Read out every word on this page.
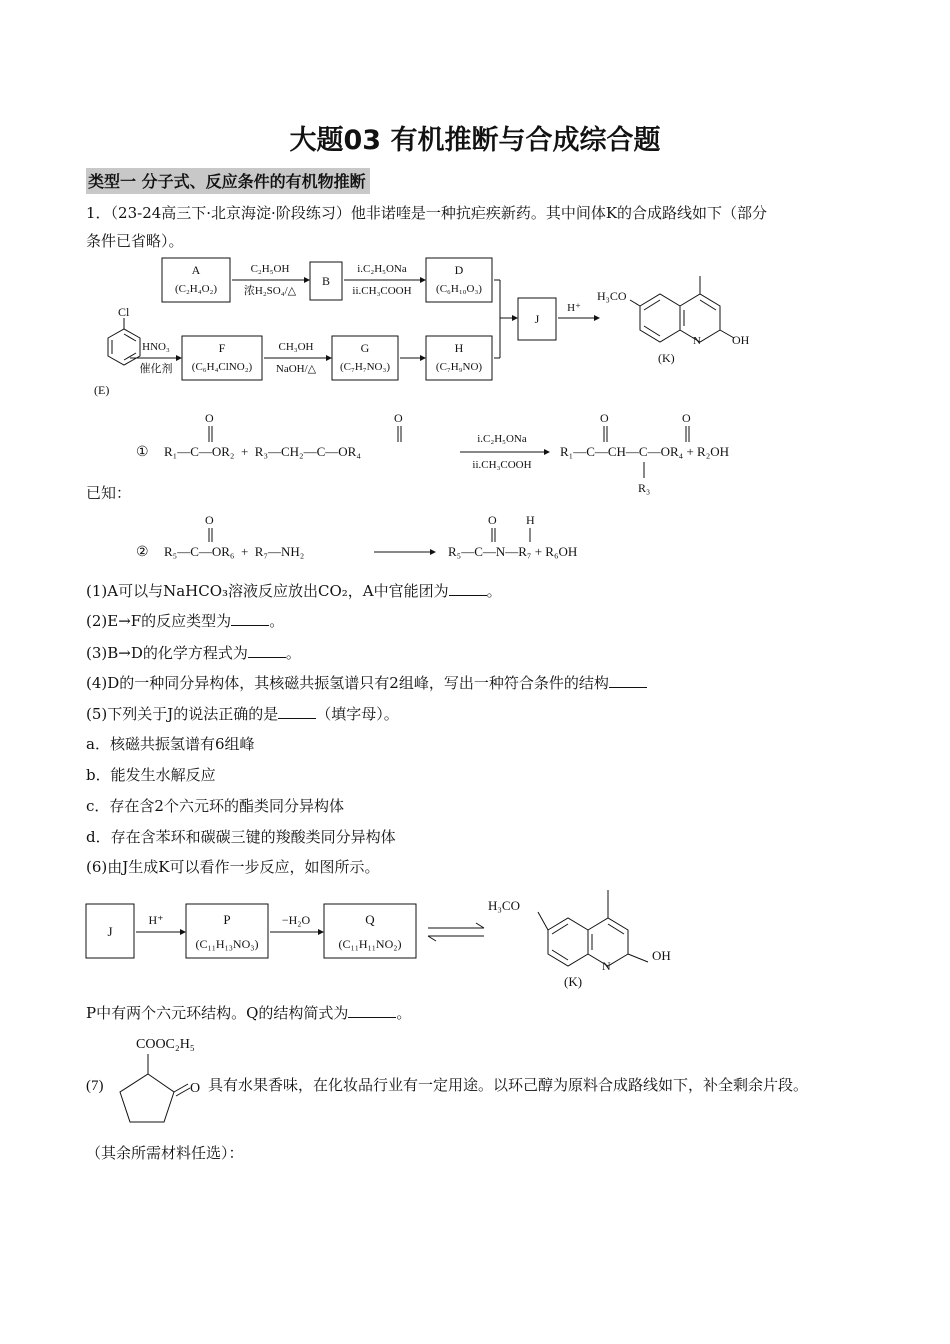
大题03 有机推断与合成综合题
类型一 分子式、反应条件的有机物推断
1．（23-24高三下·北京海淀·阶段练习）他非诺喹是一种抗疟疾新药。其中间体K的合成路线如下（部分
条件已省略）。
A
(C₂H₄O₂)
C₂H₅OH
浓H₂SO₄/△
B
i.C₂H₅ONa
ii.CH₃COOH
D
(C₆H₁₀O₃)
J
H⁺
H₃CO
N	OH
(K)
Cl
(E)
HNO₃
催化剂
F
(C₆H₄ClNO₂)
CH₃OH
NaOH/△
G
(C₇H₇NO₃)
H
(C₇H₉NO)
① R₁—C—OR₂  +  R₃—CH₂—C—OR₄
O	O
i.C₂H₅ONa
ii.CH₃COOH
R₁—C—CH—C—OR₄ + R₂OH
O	O
R₃
已知：
② R₅—C—OR₆  +  R₇—NH₂
O
R₅—C—N—R₇ + R₆OH
O H
(1)A可以与NaHCO₃溶液反应放出CO₂，A中官能团为	。
(2)E→F的反应类型为	。
(3)B→D的化学方程式为	。
(4)D的一种同分异构体，其核磁共振氢谱只有2组峰，写出一种符合条件的结构
(5)下列关于J的说法正确的是	（填字母）。
a．核磁共振氢谱有6组峰
b．能发生水解反应
c．存在含2个六元环的酯类同分异构体
d．存在含苯环和碳碳三键的羧酸类同分异构体
(6)由J生成K可以看作一步反应，如图所示。
J
H⁺	P
(C₁₁H₁₃NO₃)
−H₂O	Q
(C₁₁H₁₁NO₂)
H₃CO
N
OH
(K)
P中有两个六元环结构。Q的结构简式为	。
(7)
COOC₂H₅
O 具有水果香味，在化妆品行业有一定用途。以环己醇为原料合成路线如下，补全剩余片段。
（其余所需材料任选）：
